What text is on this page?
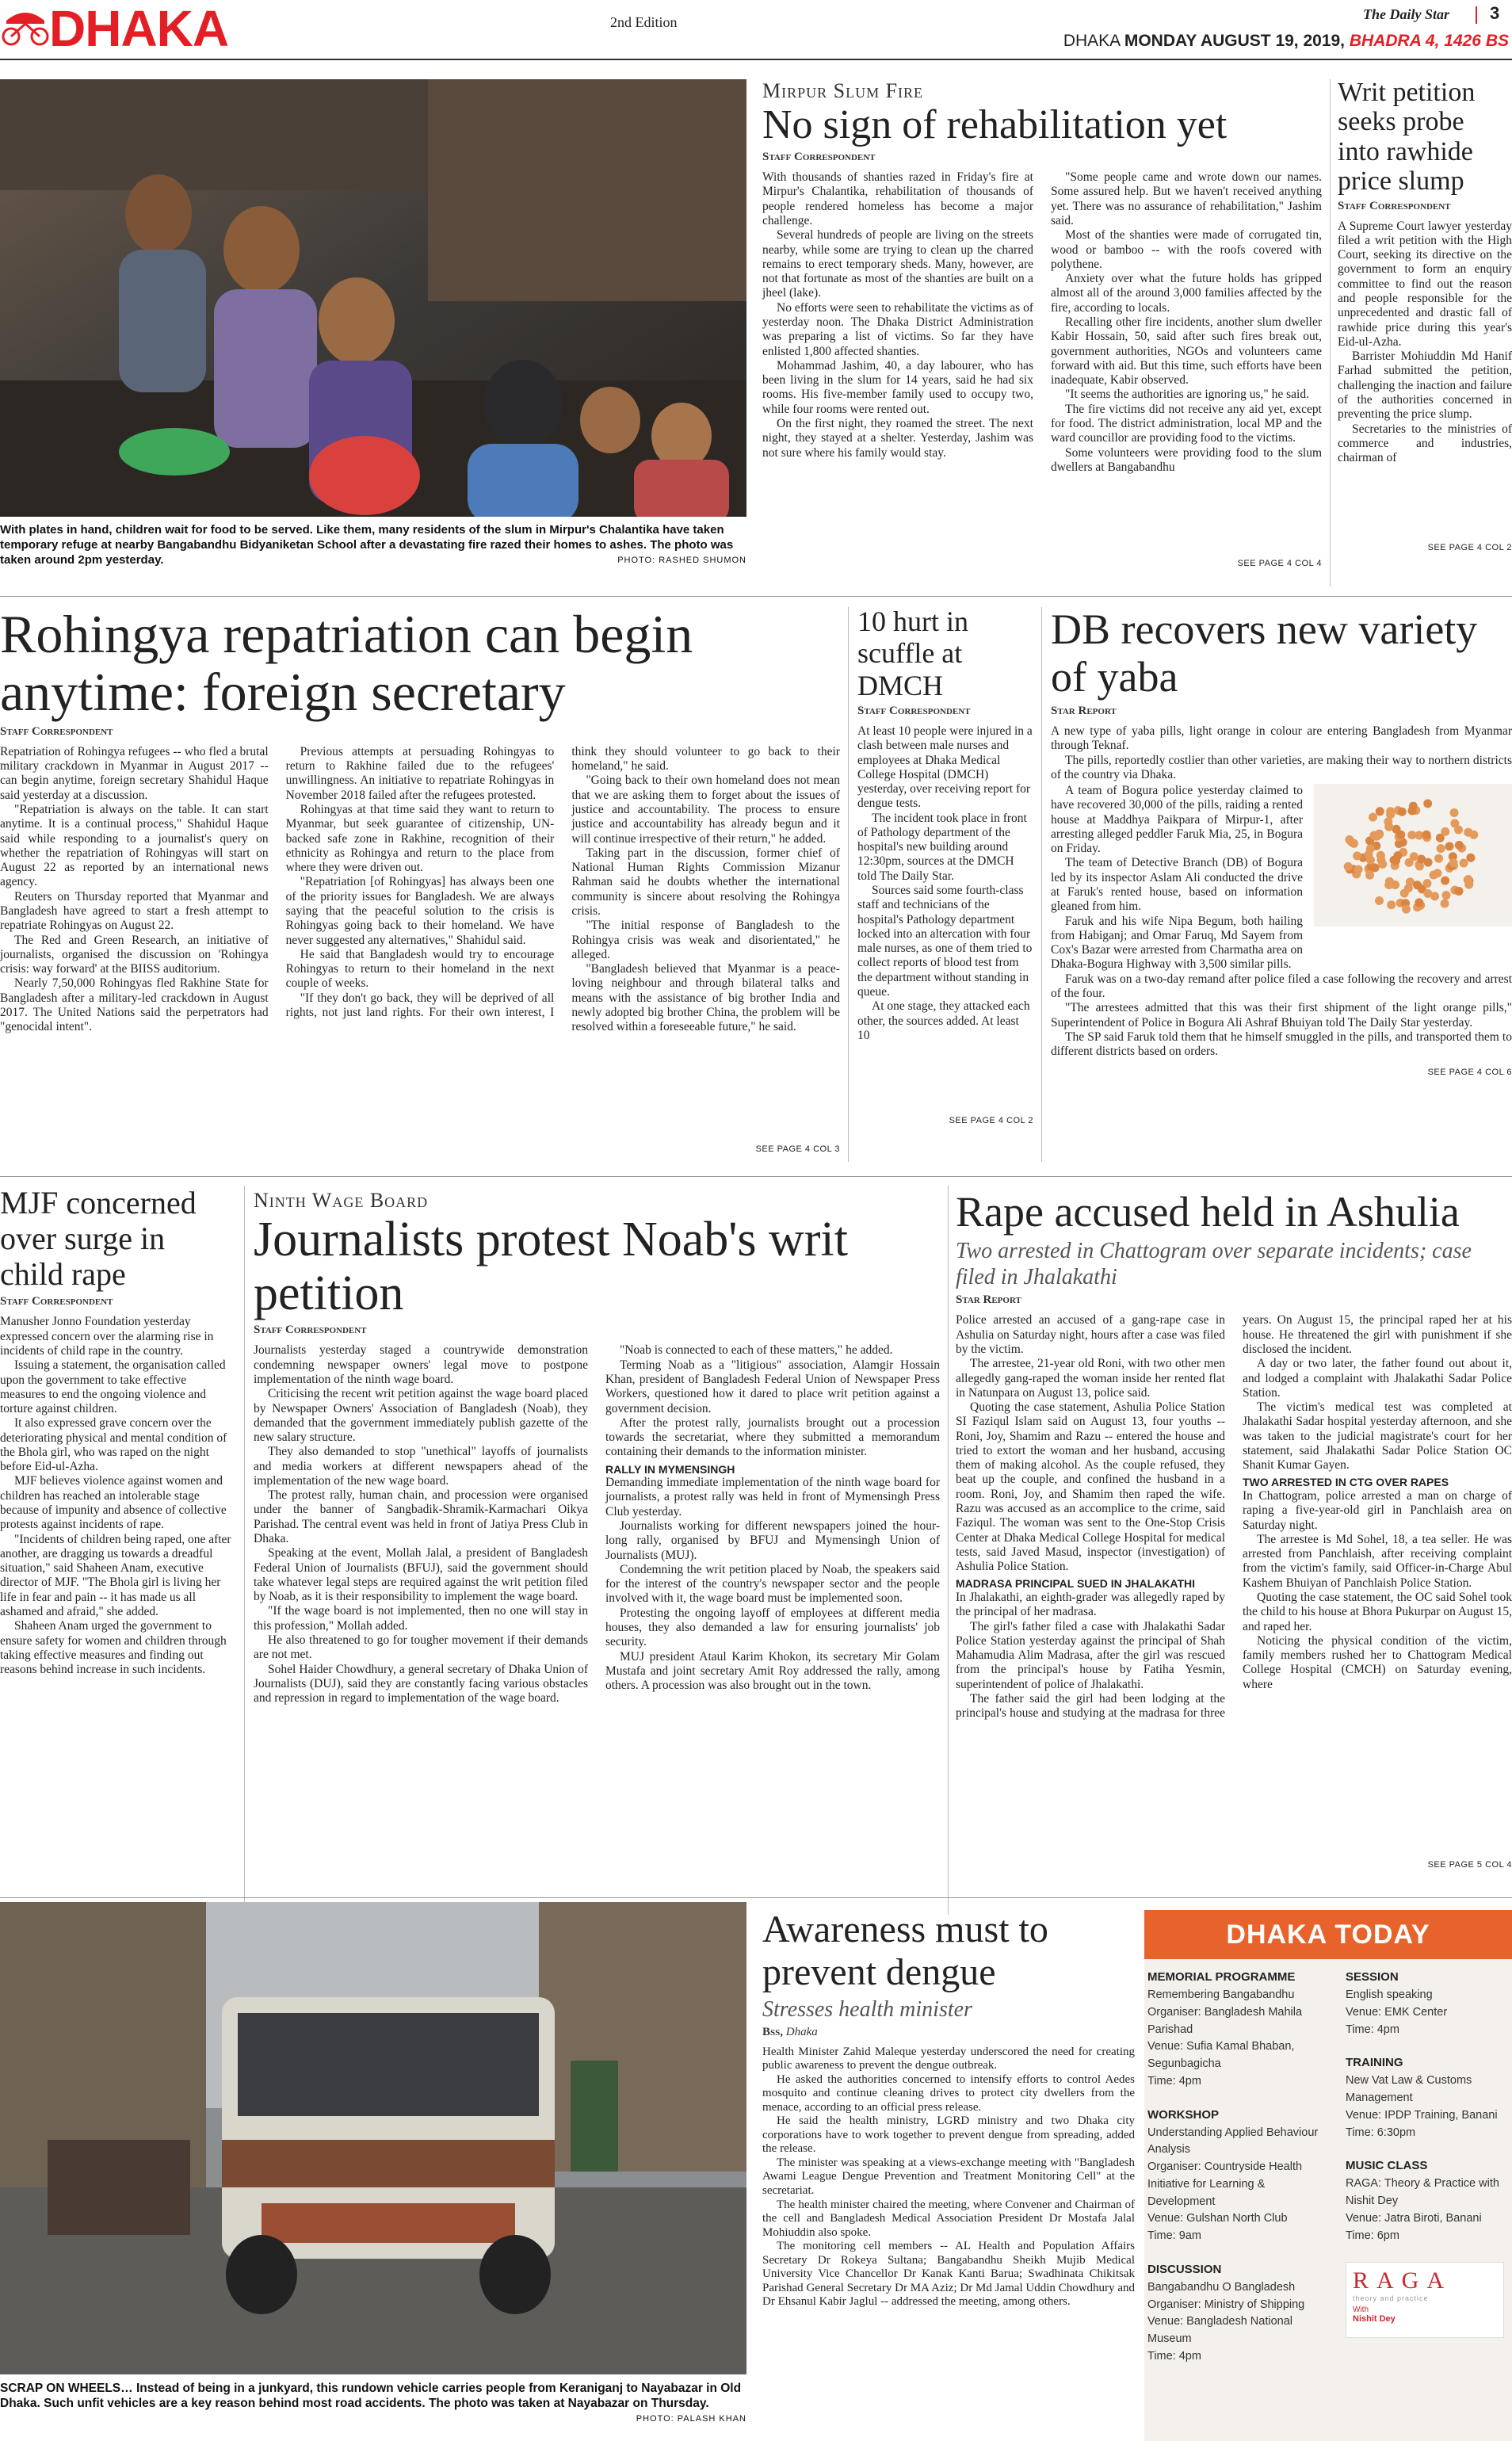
DHAKA	2nd Edition	The Daily Star 3
DHAKA MONDAY AUGUST 19, 2019, BHADRA 4, 1426 BS
With plates in hand, children wait for food to be served. Like them, many residents of the slum in Mirpur's Chalantika have taken temporary refuge at nearby Bangabandhu Bidyaniketan School after a devastating fire razed their homes to ashes. The photo was taken around 2pm yesterday.	PHOTO: RASHED SHUMON
Mirpur Slum Fire
No sign of rehabilitation yet
Staff Correspondent

With thousands of shanties razed in Friday's fire at Mirpur's Chalantika, rehabilitation of thousands of people rendered homeless has become a major challenge.

Several hundreds of people are living on the streets nearby, while some are trying to clean up the charred remains to erect temporary sheds. Many, however, are not that fortunate as most of the shanties are built on a jheel (lake).

No efforts were seen to rehabilitate the victims as of yesterday noon. The Dhaka District Administration was preparing a list of victims. So far they have enlisted 1,800 affected shanties.

Mohammad Jashim, 40, a day labourer, who has been living in the slum for 14 years, said he had six rooms. His five-member family used to occupy two, while four rooms were rented out.

On the first night, they roamed the street. The next night, they stayed at a shelter. Yesterday, Jashim was not sure where his family would stay.

"Some people came and wrote down our names. Some assured help. But we haven't received anything yet. There was no assurance of rehabilitation," Jashim said.

Most of the shanties were made of corrugated tin, wood or bamboo -- with the roofs covered with polythene.

Anxiety over what the future holds has gripped almost all of the around 3,000 families affected by the fire, according to locals.

Recalling other fire incidents, another slum dweller Kabir Hossain, 50, said after such fires break out, government authorities, NGOs and volunteers came forward with aid. But this time, such efforts have been inadequate, Kabir observed.

"It seems the authorities are ignoring us," he said.

The fire victims did not receive any aid yet, except for food. The district administration, local MP and the ward councillor are providing food to the victims.

Some volunteers were providing food to the slum dwellers at Bangabandhu

SEE PAGE 4 COL 4
Writ petition seeks probe into rawhide price slump
Staff Correspondent

A Supreme Court lawyer yesterday filed a writ petition with the High Court, seeking its directive on the government to form an enquiry committee to find out the reason and people responsible for the unprecedented and drastic fall of rawhide price during this year's Eid-ul-Azha.

Barrister Mohiuddin Md Hanif Farhad submitted the petition, challenging the inaction and failure of the authorities concerned in preventing the price slump.

Secretaries to the ministries of commerce and industries, chairman of

SEE PAGE 4 COL 2
Rohingya repatriation can begin anytime: foreign secretary
Staff Correspondent

Repatriation of Rohingya refugees -- who fled a brutal military crackdown in Myanmar in August 2017 -- can begin anytime, foreign secretary Shahidul Haque said yesterday at a discussion.

"Repatriation is always on the table. It can start anytime. It is a continual process," Shahidul Haque said while responding to a journalist's query on whether the repatriation of Rohingyas will start on August 22 as reported by an international news agency.

Reuters on Thursday reported that Myanmar and Bangladesh have agreed to start a fresh attempt to repatriate Rohingyas on August 22.

The Red and Green Research, an initiative of journalists, organised the discussion on 'Rohingya crisis: way forward' at the BIISS auditorium.

Nearly 7,50,000 Rohingyas fled Rakhine State for Bangladesh after a military-led crackdown in August 2017. The United Nations said the perpetrators had "genocidal intent".

Previous attempts at persuading Rohingyas to return to Rakhine failed due to the refugees' unwillingness. An initiative to repatriate Rohingyas in November 2018 failed after the refugees protested.

Rohingyas at that time said they want to return to Myanmar, but seek guarantee of citizenship, UN-backed safe zone in Rakhine, recognition of their ethnicity as Rohingya and return to the place from where they were driven out.

"Repatriation [of Rohingyas] has always been one of the priority issues for Bangladesh. We are always saying that the peaceful solution to the crisis is Rohingyas going back to their homeland. We have never suggested any alternatives," Shahidul said.

He said that Bangladesh would try to encourage Rohingyas to return to their homeland in the next couple of weeks.

"If they don't go back, they will be deprived of all rights, not just land rights. For their own interest, I think they should volunteer to go back to their homeland," he said.

"Going back to their own homeland does not mean that we are asking them to forget about the issues of justice and accountability. The process to ensure justice and accountability has already begun and it will continue irrespective of their return," he added.

Taking part in the discussion, former chief of National Human Rights Commission Mizanur Rahman said he doubts whether the international community is sincere about resolving the Rohingya crisis.

"The initial response of Bangladesh to the Rohingya crisis was weak and disorientated," he alleged.

"Bangladesh believed that Myanmar is a peace-loving neighbour and through bilateral talks and means with the assistance of big brother India and newly adopted big brother China, the problem will be resolved within a foreseeable future," he said.

SEE PAGE 4 COL 3
10 hurt in scuffle at DMCH
Staff Correspondent

At least 10 people were injured in a clash between male nurses and employees at Dhaka Medical College Hospital (DMCH) yesterday, over receiving report for dengue tests.

The incident took place in front of Pathology department of the hospital's new building around 12:30pm, sources at the DMCH told The Daily Star.

Sources said some fourth-class staff and technicians of the hospital's Pathology department locked into an altercation with four male nurses, as one of them tried to collect reports of blood test from the department without standing in queue.

At one stage, they attacked each other, the sources added. At least 10

SEE PAGE 4 COL 2
DB recovers new variety of yaba
Star Report

A new type of yaba pills, light orange in colour are entering Bangladesh from Myanmar through Teknaf.

The pills, reportedly costlier than other varieties, are making their way to northern districts of the country via Dhaka.

A team of Bogura police yesterday claimed to have recovered 30,000 of the pills, raiding a rented house at Maddhya Paikpara of Mirpur-1, after arresting alleged peddler Faruk Mia, 25, in Bogura on Friday.

The team of Detective Branch (DB) of Bogura led by its inspector Aslam Ali conducted the drive at Faruk's rented house, based on information gleaned from him.

Faruk and his wife Nipa Begum, both hailing from Habiganj; and Omar Faruq, Md Sayem from Cox's Bazar were arrested from Charmatha area on Dhaka-Bogura Highway with 3,500 similar pills.

Faruk was on a two-day remand after police filed a case following the recovery and arrest of the four.

"The arrestees admitted that this was their first shipment of the light orange pills," Superintendent of Police in Bogura Ali Ashraf Bhuiyan told The Daily Star yesterday.

The SP said Faruk told them that he himself smuggled in the pills, and transported them to different districts based on orders.

SEE PAGE 4 COL 6
MJF concerned over surge in child rape
Staff Correspondent

Manusher Jonno Foundation yesterday expressed concern over the alarming rise in incidents of child rape in the country.

Issuing a statement, the organisation called upon the government to take effective measures to end the ongoing violence and torture against children.

It also expressed grave concern over the deteriorating physical and mental condition of the Bhola girl, who was raped on the night before Eid-ul-Azha.

MJF believes violence against women and children has reached an intolerable stage because of impunity and absence of collective protests against incidents of rape.

"Incidents of children being raped, one after another, are dragging us towards a dreadful situation," said Shaheen Anam, executive director of MJF. "The Bhola girl is living her life in fear and pain -- it has made us all ashamed and afraid," she added.

Shaheen Anam urged the government to ensure safety for women and children through taking effective measures and finding out reasons behind increase in such incidents.

Ninth Wage Board
Journalists protest Noab's writ petition
Staff Correspondent

Journalists yesterday staged a countrywide demonstration condemning newspaper owners' legal move to postpone implementation of the ninth wage board.

Criticising the recent writ petition against the wage board placed by Newspaper Owners' Association of Bangladesh (Noab), they demanded that the government immediately publish gazette of the new salary structure.

They also demanded to stop "unethical" layoffs of journalists and media workers at different newspapers ahead of the implementation of the new wage board.

The protest rally, human chain, and procession were organised under the banner of Sangbadik-Shramik-Karmachari Oikya Parishad. The central event was held in front of Jatiya Press Club in Dhaka.

Speaking at the event, Mollah Jalal, a president of Bangladesh Federal Union of Journalists (BFUJ), said the government should take whatever legal steps are required against the writ petition filed by Noab, as it is their responsibility to implement the wage board.

"If the wage board is not implemented, then no one will stay in this profession," Mollah added.

He also threatened to go for tougher movement if their demands are not met.

Sohel Haider Chowdhury, a general secretary of Dhaka Union of Journalists (DUJ), said they are constantly facing various obstacles and repression in regard to implementation of the wage board.

"Noab is connected to each of these matters," he added.

Terming Noab as a "litigious" association, Alamgir Hossain Khan, president of Bangladesh Federal Union of Newspaper Press Workers, questioned how it dared to place writ petition against a government decision.

After the protest rally, journalists brought out a procession towards the secretariat, where they submitted a memorandum containing their demands to the information minister.

RALLY IN MYMENSINGH

Demanding immediate implementation of the ninth wage board for journalists, a protest rally was held in front of Mymensingh Press Club yesterday.

Journalists working for different newspapers joined the hour-long rally, organised by BFUJ and Mymensingh Union of Journalists (MUJ).

Condemning the writ petition placed by Noab, the speakers said for the interest of the country's newspaper sector and the people involved with it, the wage board must be implemented soon.

Protesting the ongoing layoff of employees at different media houses, they also demanded a law for ensuring journalists' job security.

MUJ president Ataul Karim Khokon, its secretary Mir Golam Mustafa and joint secretary Amit Roy addressed the rally, among others. A procession was also brought out in the town.

Rape accused held in Ashulia
Two arrested in Chattogram over separate incidents; case filed in Jhalakathi
Star Report

Police arrested an accused of a gang-rape case in Ashulia on Saturday night, hours after a case was filed by the victim.

The arrestee, 21-year old Roni, with two other men allegedly gang-raped the woman inside her rented flat in Natunpara on August 13, police said.

Quoting the case statement, Ashulia Police Station SI Faziqul Islam said on August 13, four youths -- Roni, Joy, Shamim and Razu -- entered the house and tried to extort the woman and her husband, accusing them of making alcohol. As the couple refused, they beat up the couple, and confined the husband in a room. Roni, Joy, and Shamim then raped the wife. Razu was accused as an accomplice to the crime, said Faziqul. The woman was sent to the One-Stop Crisis Center at Dhaka Medical College Hospital for medical tests, said Javed Masud, inspector (investigation) of Ashulia Police Station.

MADRASA PRINCIPAL SUED IN JHALAKATHI

In Jhalakathi, an eighth-grader was allegedly raped by the principal of her madrasa.

The girl's father filed a case with Jhalakathi Sadar Police Station yesterday against the principal of Shah Mahamudia Alim Madrasa, after the girl was rescued from the principal's house by Fatiha Yesmin, superintendent of police of Jhalakathi.

The father said the girl had been lodging at the principal's house and studying at the madrasa for three years. On August 15, the principal raped her at his house. He threatened the girl with punishment if she disclosed the incident.

A day or two later, the father found out about it, and lodged a complaint with Jhalakathi Sadar Police Station.

The victim's medical test was completed at Jhalakathi Sadar hospital yesterday afternoon, and she was taken to the judicial magistrate's court for her statement, said Jhalakathi Sadar Police Station OC Shanit Kumar Gayen.

TWO ARRESTED IN CTG OVER RAPES

In Chattogram, police arrested a man on charge of raping a five-year-old girl in Panchlaish area on Saturday night.

The arrestee is Md Sohel, 18, a tea seller. He was arrested from Panchlaish, after receiving complaint from the victim's family, said Officer-in-Charge Abul Kashem Bhuiyan of Panchlaish Police Station.

Quoting the case statement, the OC said Sohel took the child to his house at Bhora Pukurpar on August 15, and raped her.

Noticing the physical condition of the victim, family members rushed her to Chattogram Medical College Hospital (CMCH) on Saturday evening, where

SEE PAGE 5 COL 4
SCRAP ON WHEELS… Instead of being in a junkyard, this rundown vehicle carries people from Keraniganj to Nayabazar in Old Dhaka. Such unfit vehicles are a key reason behind most road accidents. The photo was taken at Nayabazar on Thursday.
PHOTO: PALASH KHAN
Awareness must to prevent dengue
Stresses health minister
Bss, Dhaka

Health Minister Zahid Maleque yesterday underscored the need for creating public awareness to prevent the dengue outbreak.

He asked the authorities concerned to intensify efforts to control Aedes mosquito and continue cleaning drives to protect city dwellers from the menace, according to an official press release.

He said the health ministry, LGRD ministry and two Dhaka city corporations have to work together to prevent dengue from spreading, added the release.

The minister was speaking at a views-exchange meeting with "Bangladesh Awami League Dengue Prevention and Treatment Monitoring Cell" at the secretariat.

The health minister chaired the meeting, where Convener and Chairman of the cell and Bangladesh Medical Association President Dr Mostafa Jalal Mohiuddin also spoke.

The monitoring cell members -- AL Health and Population Affairs Secretary Dr Rokeya Sultana; Bangabandhu Sheikh Mujib Medical University Vice Chancellor Dr Kanak Kanti Barua; Swadhinata Chikitsak Parishad General Secretary Dr MA Aziz; Dr Md Jamal Uddin Chowdhury and Dr Ehsanul Kabir Jaglul -- addressed the meeting, among others.

DHAKA TODAY
MEMORIAL PROGRAMME
Remembering Bangabandhu
Organiser: Bangladesh Mahila Parishad
Venue: Sufia Kamal Bhaban, Segunbagicha
Time: 4pm
WORKSHOP
Understanding Applied Behaviour Analysis
Organiser: Countryside Health Initiative for Learning & Development
Venue: Gulshan North Club
Time: 9am
DISCUSSION
Bangabandhu O Bangladesh
Organiser: Ministry of Shipping
Venue: Bangladesh National Museum
Time: 4pm
SESSION
English speaking
Venue: EMK Center
Time: 4pm
TRAINING
New Vat Law & Customs Management
Venue: IPDP Training, Banani
Time: 6:30pm
MUSIC CLASS
RAGA: Theory & Practice with Nishit Dey
Venue: Jatra Biroti, Banani
Time: 6pm
RAGA
theory and practice
With
Nishit Dey
